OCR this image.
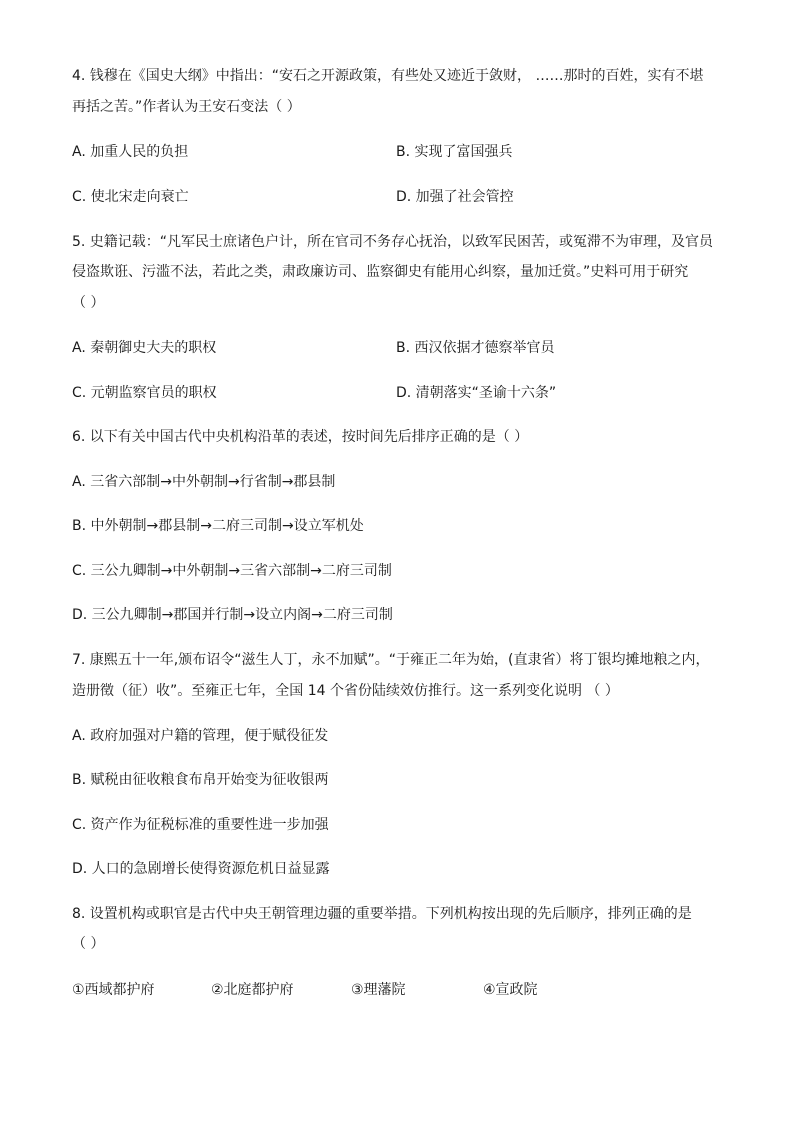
4. 钱穆在《国史大纲》中指出：“安石之开源政策，有些处又迹近于敛财， ……那时的百姓，实有不堪
再括之苦。”作者认为王安石变法（ ）
A. 加重人民的负担	B. 实现了富国强兵
C. 使北宋走向衰亡	D. 加强了社会管控
5. 史籍记载：“凡军民士庶诸色户计，所在官司不务存心抚治，以致军民困苦，或冤滞不为审理，及官员
侵盗欺诳、污滥不法，若此之类，肃政廉访司、监察御史有能用心纠察，量加迁赏。”史料可用于研究
（ ）
A. 秦朝御史大夫的职权	B. 西汉依据才德察举官员
C. 元朝监察官员的职权	D. 清朝落实“圣谕十六条”
6. 以下有关中国古代中央机构沿革的表述，按时间先后排序正确的是（ ）
A. 三省六部制→中外朝制→行省制→郡县制
B. 中外朝制→郡县制→二府三司制→设立军机处
C. 三公九卿制→中外朝制→三省六部制→二府三司制
D. 三公九卿制→郡国并行制→设立内阁→二府三司制
7. 康熙五十一年,颁布诏令“滋生人丁，永不加赋”。“于雍正二年为始，(直隶省）将丁银均摊地粮之内，
造册徵（征）收”。至雍正七年，全国 14 个省份陆续效仿推行。这一系列变化说明 （ ）
A. 政府加强对户籍的管理，便于赋役征发
B. 赋税由征收粮食布帛开始变为征收银两
C. 资产作为征税标准的重要性进一步加强
D. 人口的急剧增长使得资源危机日益显露
8. 设置机构或职官是古代中央王朝管理边疆的重要举措。下列机构按出现的先后顺序，排列正确的是
（ ）
①西域都护府	②北庭都护府	③理藩院	④宣政院
